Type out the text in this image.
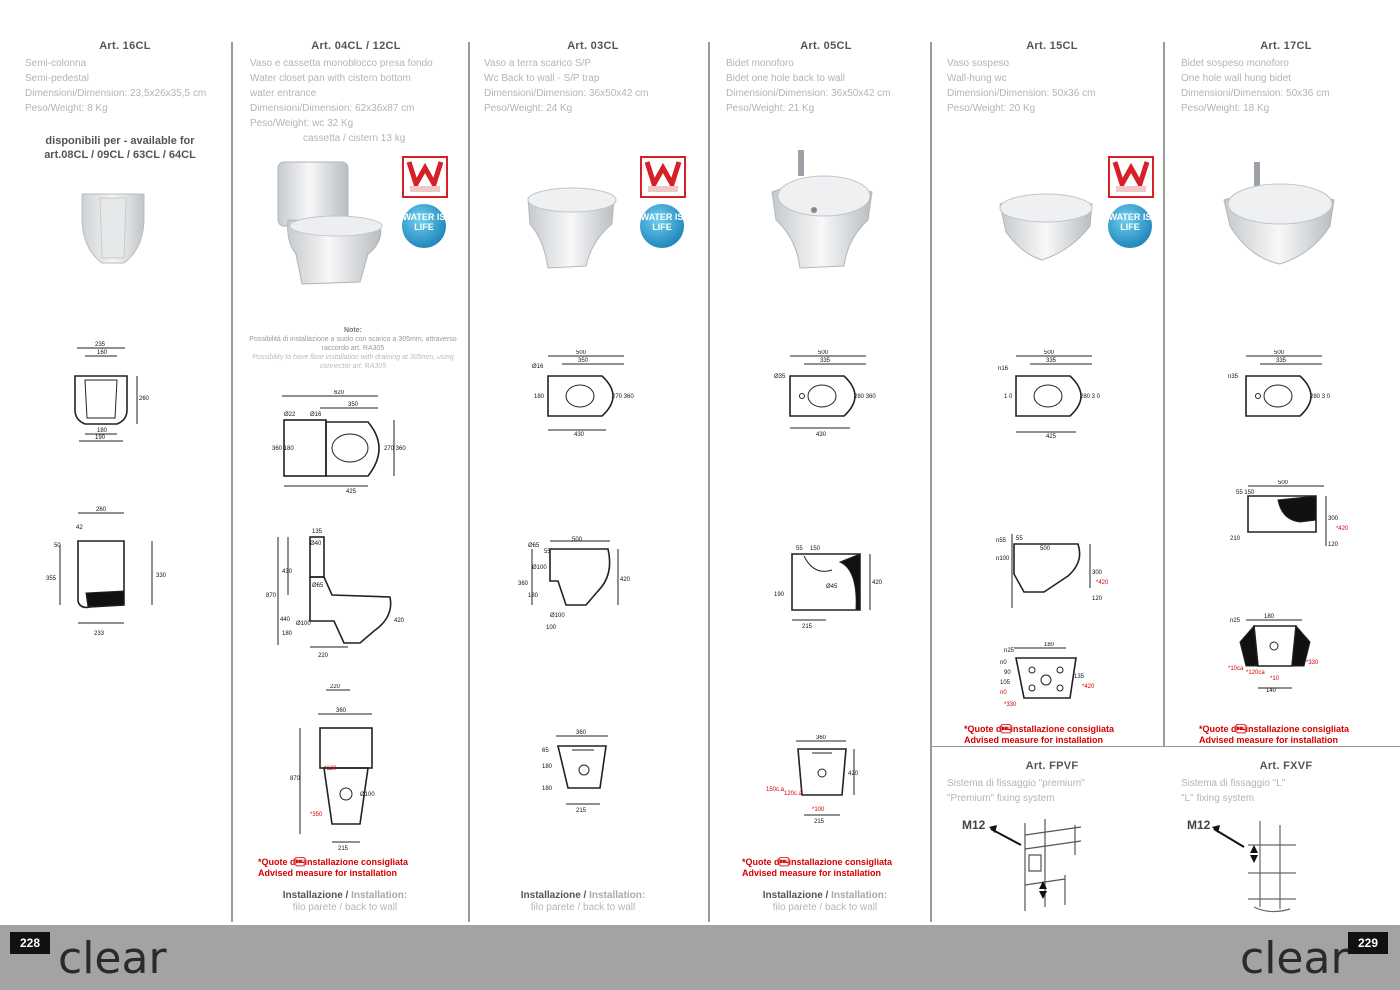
Art. 16CL
Semi-colonna
Semi-pedestal
Dimensioni/Dimension: 23,5x26x35,5 cm
Peso/Weight: 8 Kg
disponibili per - available for
art.08CL / 09CL / 63CL / 64CL
235
160
260
180
190
260
42
50
355	330
233
Art. 04CL / 12CL
Vaso e cassetta monoblocco presa fondo
Water closet pan with cistern bottom
water entrance
Dimensioni/Dimension: 62x36x87 cm
Peso/Weight: wc 32 Kg
cassetta / cistern 13 kg
WATER IS LIFE
Note:
Possibilità di installazione a suolo con scarico a 305mm, attraverso raccordo art. RA305
Possibility to have floor installation with draining at 305mm, using connector art. RA305
620
350
Ø22 Ø16
360 180	270 360
425
135
Ø40
430
870
Ø65
440
180
Ø100	420
220
220
360
870
*120
Ø100
*350
215
*Quote dinstallazione consigliata
Advised measure for installation
Installazione / Installation:
filo parete / back to wall
Art. 03CL
Vaso a terra scarico S/P
Wc Back to wall - S/P trap
Dimensioni/Dimension: 36x50x42 cm
Peso/Weight: 24 Kg
WATER IS LIFE
500
350
Ø16
180	270 360
430
Ø65
500
55
Ø100
360
180
420
Ø100
100
360
65
180
180
215
Installazione / Installation:
filo parete / back to wall
Art. 05CL
Bidet monoforo
Bidet one hole back to wall
Dimensioni/Dimension: 36x50x42 cm
Peso/Weight: 21 Kg
500
335
Ø35
280 360
430
55 150
190
Ø45
420
215
360
420
150c.a
120c.a
*100
215
*Quote dinstallazione consigliata
Advised measure for installation
Installazione / Installation:
filo parete / back to wall
Art. 15CL
Vaso sospeso
Wall-hung wc
Dimensioni/Dimension: 50x36 cm
Peso/Weight: 20 Kg
WATER IS LIFE
500
335
n16
1 0	280 3 0
425
n55 55
500
n100
300
120
*420
n25
180
n0
90
105
135
*420
n0
*330
*Quote dinstallazione consigliata
Advised measure for installation
Art. 17CL
Bidet sospeso monoforo
One hole wall hung bidet
Dimensioni/Dimension: 50x36 cm
Peso/Weight: 18 Kg
500
335
n35
280 3 0
500
55 150
Ø45
210
300
120
*420
n25
180
*10ca
*120ca
*10
*330
140
*Quote dinstallazione consigliata
Advised measure for installation
Art. FPVF
Sistema di fissaggio "premium"
"Premium" fixing system
M12
Art. FXVF
Sistema di fissaggio "L"
"L" fixing system
M12
228 clear	229
clear
